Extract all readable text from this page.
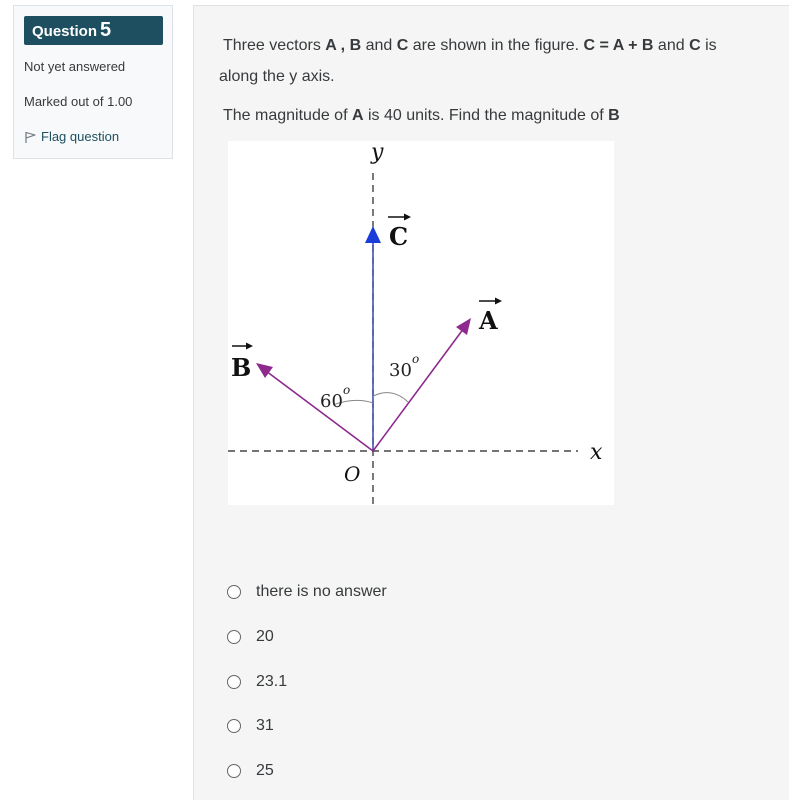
Question 5
Not yet answered
Marked out of 1.00
Flag question
Three vectors A , B and C are shown in the figure. C = A + B and C is
along the y axis.
The magnitude of A is 40 units. Find the magnitude of B
y
x
O
C
A
B	30
o
60
o
there is no answer
20
23.1
31
25
